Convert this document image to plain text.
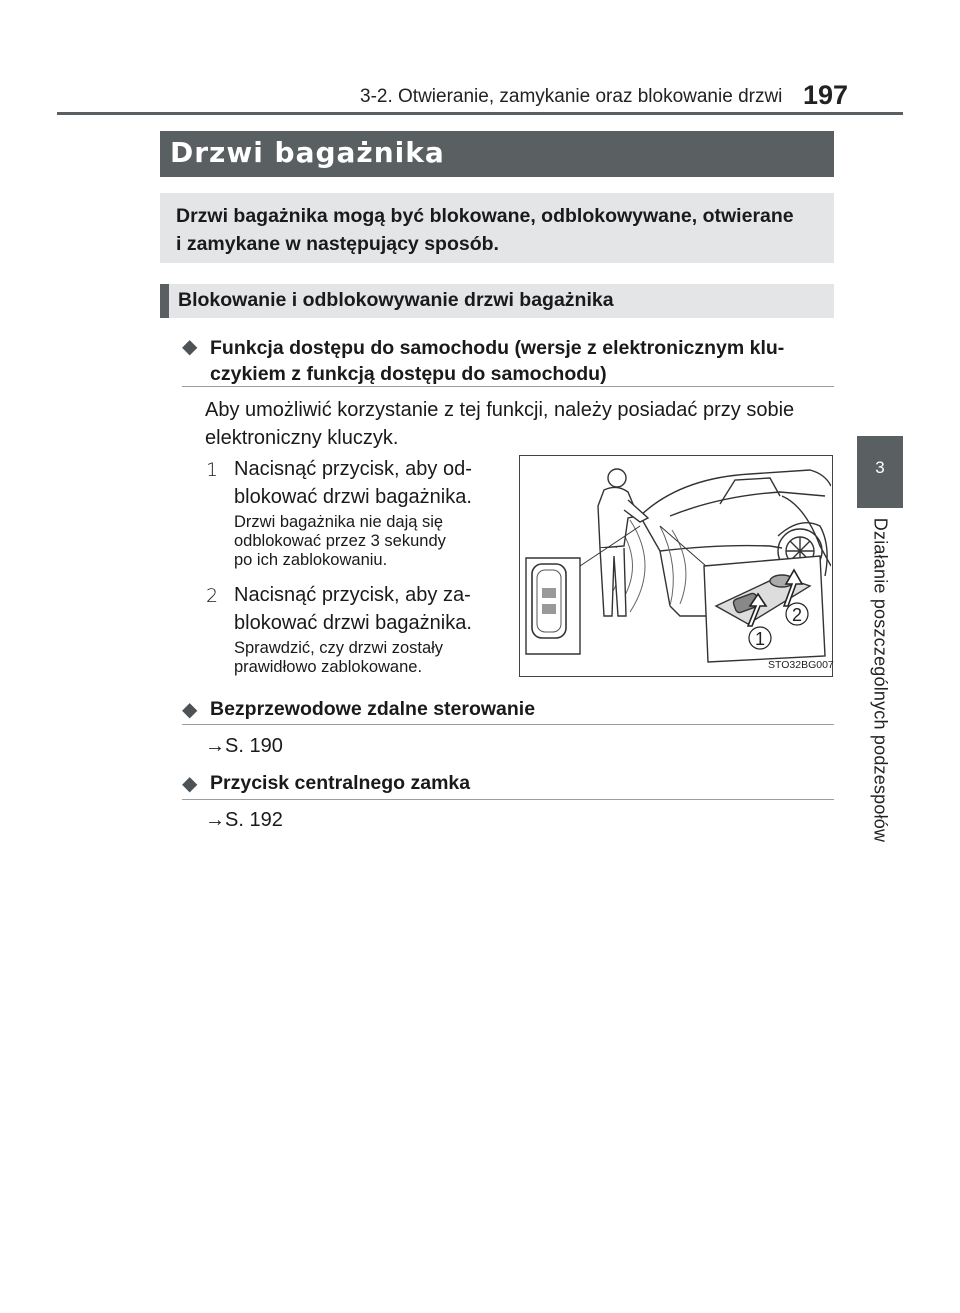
3-2. Otwieranie, zamykanie oraz blokowanie drzwi 197
3
Działanie poszczególnych podzespołów
Drzwi bagażnika
Drzwi bagażnika mogą być blokowane, odblokowywane, otwierane
i zamykane w następujący sposób.
Blokowanie i odblokowywanie drzwi bagażnika
◆ Funkcja dostępu do samochodu (wersje z elektronicznym klu-
czykiem z funkcją dostępu do samochodu)
Aby umożliwić korzystanie z tej funkcji, należy posiadać przy sobie
elektroniczny kluczyk.
1 Nacisnąć przycisk, aby od-
blokować drzwi bagażnika.
Drzwi bagażnika nie dają się
odblokować przez 3 sekundy
po ich zablokowaniu.
2 Nacisnąć przycisk, aby za-
blokować drzwi bagażnika.
Sprawdzić, czy drzwi zostały
prawidłowo zablokowane.
1
2
STO32BG007
◆ Bezprzewodowe zdalne sterowanie
→S. 190
◆ Przycisk centralnego zamka
→S. 192
